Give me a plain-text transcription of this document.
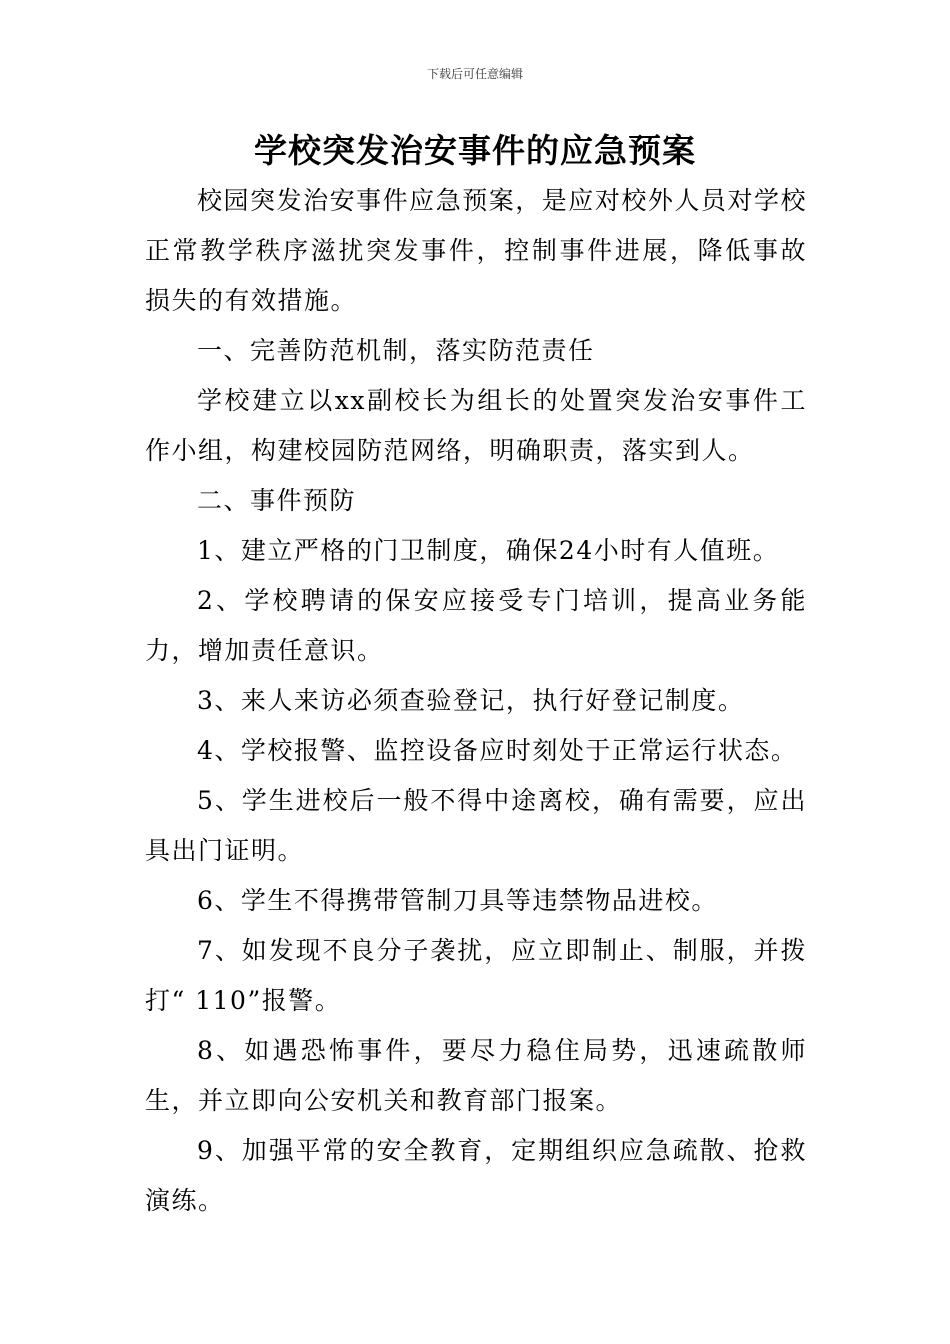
下载后可任意编辑
学校突发治安事件的应急预案

校园突发治安事件应急预案，是应对校外人员对学校正常教学秩序滋扰突发事件，控制事件进展，降低事故损失的有效措施。

一、完善防范机制，落实防范责任

学校建立以xx副校长为组长的处置突发治安事件工作小组，构建校园防范网络，明确职责，落实到人。

二、事件预防

1、建立严格的门卫制度，确保24小时有人值班。

2、学校聘请的保安应接受专门培训，提高业务能力，增加责任意识。

3、来人来访必须查验登记，执行好登记制度。

4、学校报警、监控设备应时刻处于正常运行状态。

5、学生进校后一般不得中途离校，确有需要，应出具出门证明。

6、学生不得携带管制刀具等违禁物品进校。

7、如发现不良分子袭扰，应立即制止、制服，并拨打“ 110”报警。

8、如遇恐怖事件，要尽力稳住局势，迅速疏散师生，并立即向公安机关和教育部门报案。

9、加强平常的安全教育，定期组织应急疏散、抢救演练。
